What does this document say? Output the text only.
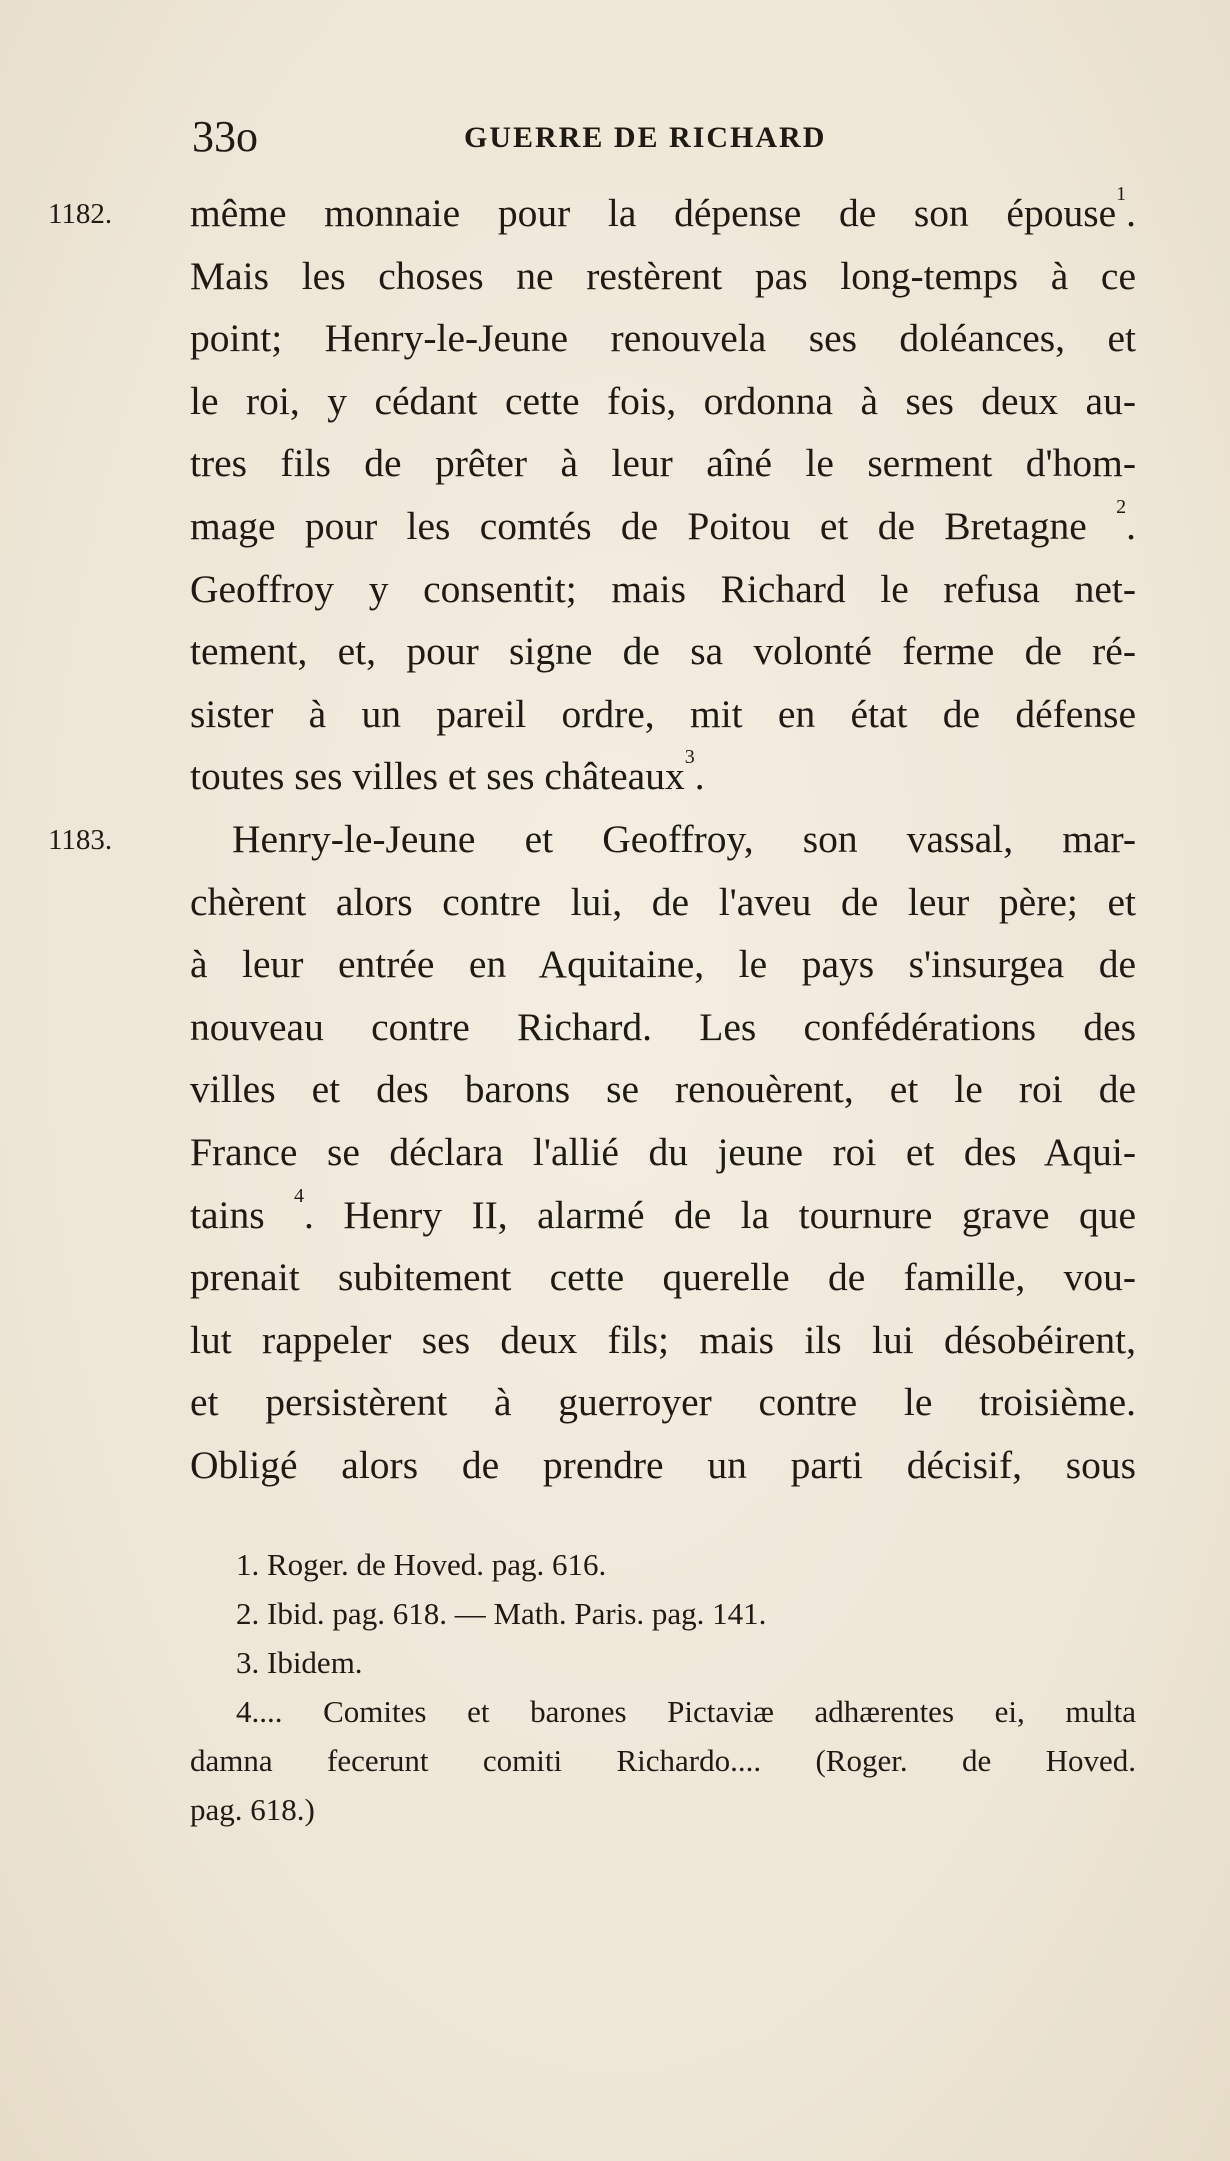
33o	GUERRE DE RICHARD
1182.
1183.
même monnaie pour la dépense de son épouse$^1$.
Mais les choses ne restèrent pas long-temps à ce
point; Henry-le-Jeune renouvela ses doléances, et
le roi, y cédant cette fois, ordonna à ses deux au-
tres fils de prêter à leur aîné le serment d'hom-
mage pour les comtés de Poitou et de Bretagne $^2$.
Geoffroy y consentit; mais Richard le refusa net-
tement, et, pour signe de sa volonté ferme de ré-
sister à un pareil ordre, mit en état de défense
toutes ses villes et ses châteaux$^3$.
Henry-le-Jeune et Geoffroy, son vassal, mar-
chèrent alors contre lui, de l'aveu de leur père; et
à leur entrée en Aquitaine, le pays s'insurgea de
nouveau contre Richard. Les confédérations des
villes et des barons se renouèrent, et le roi de
France se déclara l'allié du jeune roi et des Aqui-
tains $^4$. Henry II, alarmé de la tournure grave que
prenait subitement cette querelle de famille, vou-
lut rappeler ses deux fils; mais ils lui désobéirent,
et persistèrent à guerroyer contre le troisième.
Obligé alors de prendre un parti décisif, sous
1. Roger. de Hoved. pag. 616.
2. Ibid. pag. 618. — Math. Paris. pag. 141.
3. Ibidem.
4.... Comites et barones Pictaviæ adhærentes ei, multa
damna fecerunt comiti Richardo.... (Roger. de Hoved.
pag. 618.)
